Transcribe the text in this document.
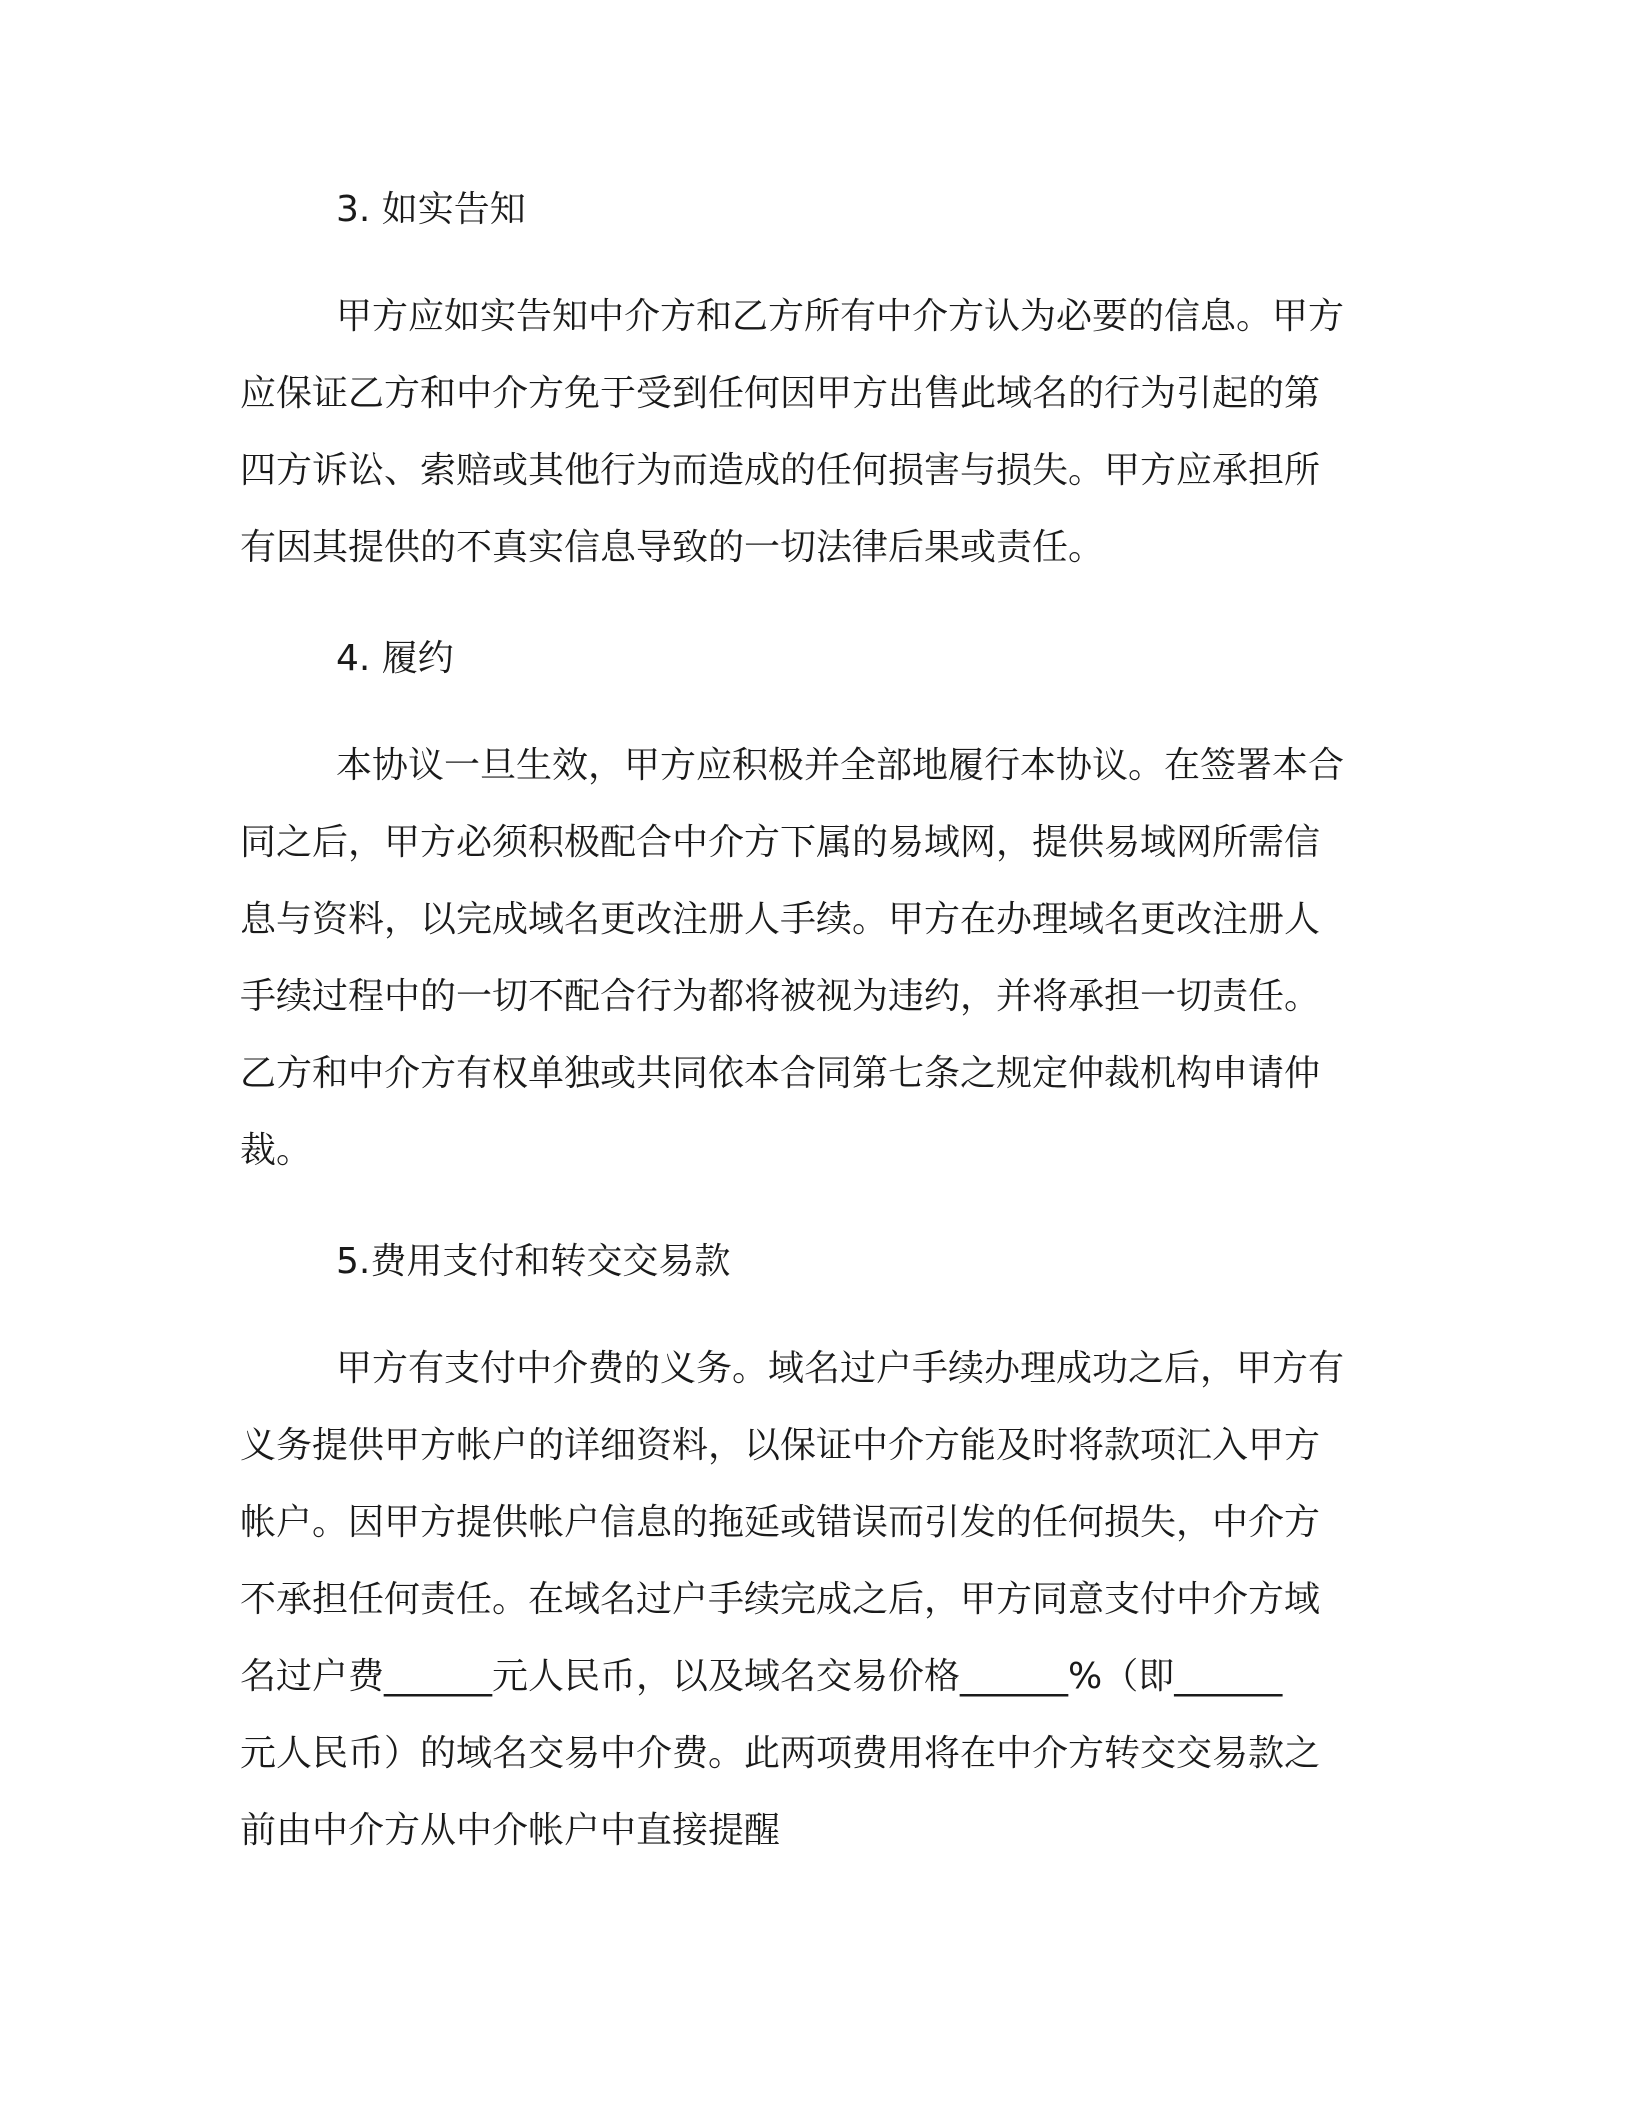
3. 如实告知

甲方应如实告知中介方和乙方所有中介方认为必要的信息。甲方
应保证乙方和中介方免于受到任何因甲方出售此域名的行为引起的第
四方诉讼、索赔或其他行为而造成的任何损害与损失。甲方应承担所
有因其提供的不真实信息导致的一切法律后果或责任。

4. 履约

本协议一旦生效，甲方应积极并全部地履行本协议。在签署本合
同之后，甲方必须积极配合中介方下属的易域网，提供易域网所需信
息与资料，以完成域名更改注册人手续。甲方在办理域名更改注册人
手续过程中的一切不配合行为都将被视为违约，并将承担一切责任。
乙方和中介方有权单独或共同依本合同第七条之规定仲裁机构申请仲
裁。

5.费用支付和转交交易款

甲方有支付中介费的义务。域名过户手续办理成功之后，甲方有
义务提供甲方帐户的详细资料，以保证中介方能及时将款项汇入甲方
帐户。因甲方提供帐户信息的拖延或错误而引发的任何损失，中介方
不承担任何责任。在域名过户手续完成之后，甲方同意支付中介方域
名过户费______元人民币，以及域名交易价格______%（即______
元人民币）的域名交易中介费。此两项费用将在中介方转交交易款之
前由中介方从中介帐户中直接提醒
